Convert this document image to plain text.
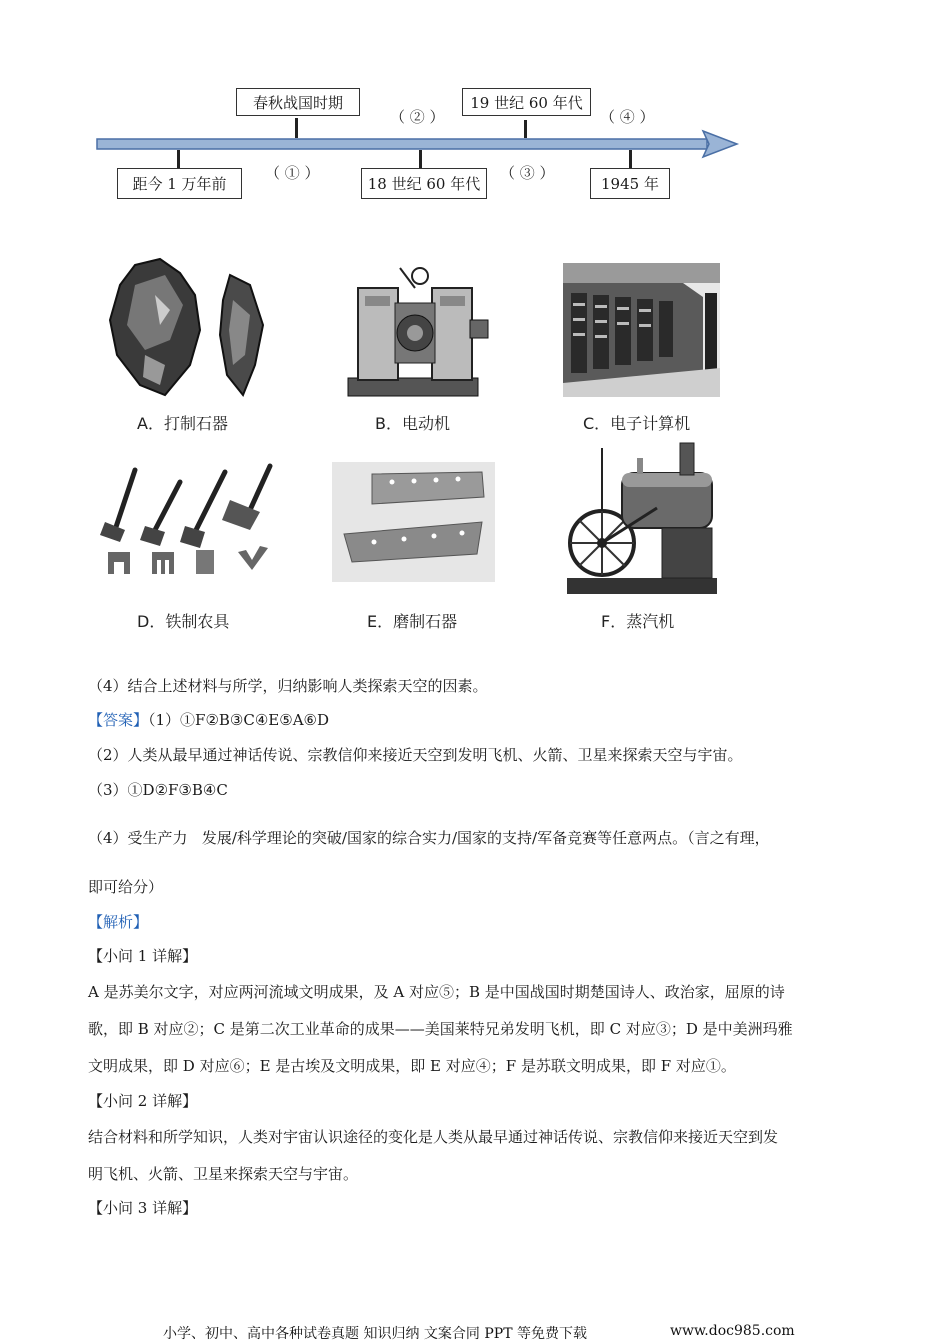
春秋战国时期	19 世纪 60 年代
距今 1 万年前	18 世纪 60 年代	1945 年
（ ① ）
（ ② ）
（ ③ ）
（ ④ ）
A．打制石器	B．电动机	C．电子计算机
D．铁制农具	E．磨制石器	F．蒸汽机
（4）结合上述材料与所学，归纳影响人类探索天空的因素。
【答案】（1）①F②B③C④E⑤A⑥D
（2）人类从最早通过神话传说、宗教信仰来接近天空到发明飞机、火箭、卫星来探索天空与宇宙。
（3）①D②F③B④C
（4）受生产力   发展/科学理论的突破/国家的综合实力/国家的支持/军备竞赛等任意两点。（言之有理，
即可给分）
【解析】
【小问 1 详解】
A 是苏美尔文字，对应两河流域文明成果，及 A 对应⑤；B 是中国战国时期楚国诗人、政治家，屈原的诗
歌，即 B 对应②；C 是第二次工业革命的成果——美国莱特兄弟发明飞机，即 C 对应③；D 是中美洲玛雅
文明成果，即 D 对应⑥；E 是古埃及文明成果，即 E 对应④；F 是苏联文明成果，即 F 对应①。
【小问 2 详解】
结合材料和所学知识，人类对宇宙认识途径的变化是人类从最早通过神话传说、宗教信仰来接近天空到发
明飞机、火箭、卫星来探索天空与宇宙。
【小问 3 详解】
小学、初中、高中各种试卷真题 知识归纳 文案合同 PPT 等免费下载	www.doc985.com
